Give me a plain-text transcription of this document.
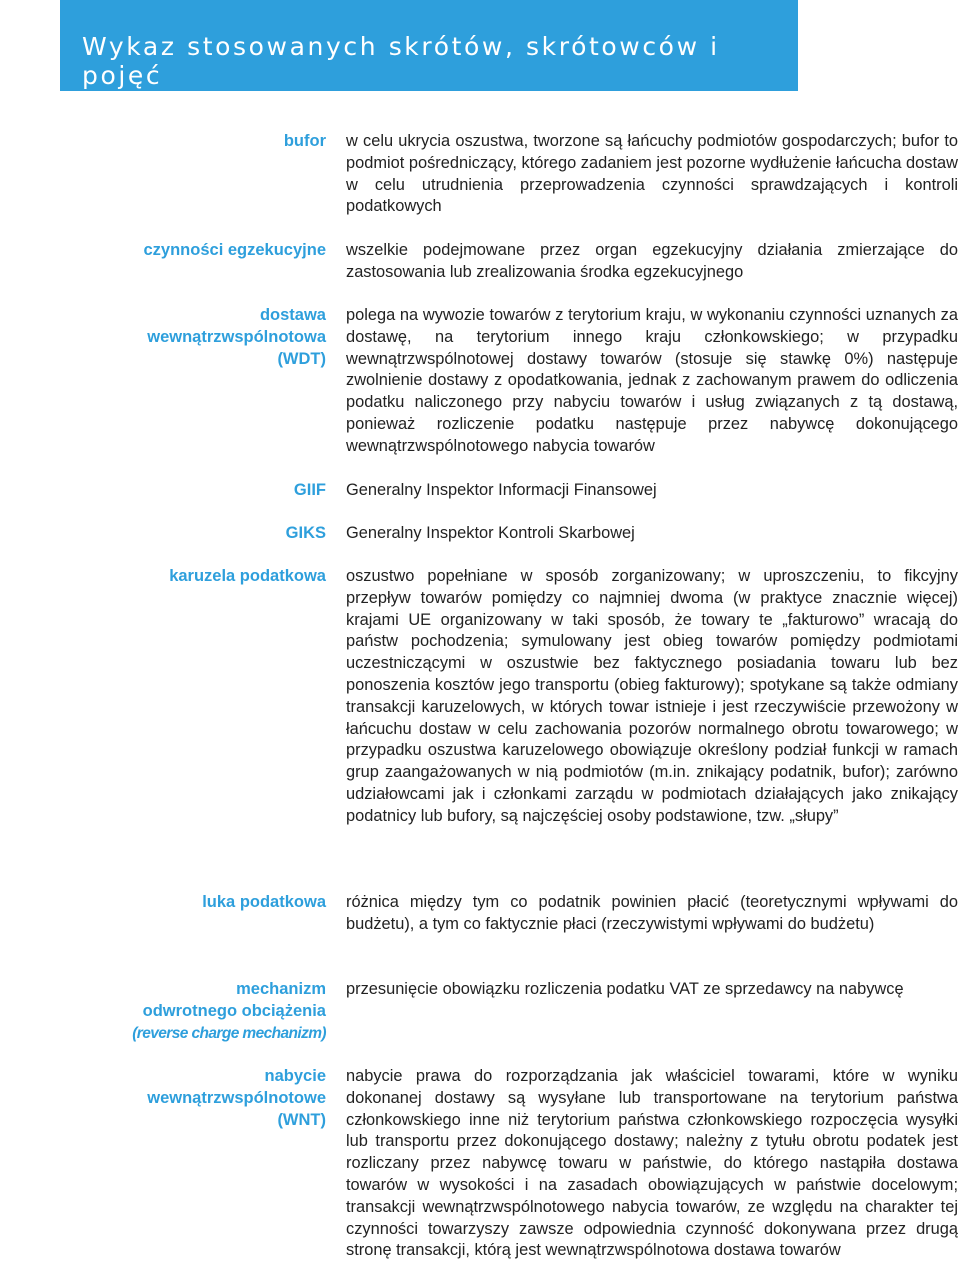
Wykaz stosowanych skrótów, skrótowców i pojęć
bufor w celu ukrycia oszustwa, tworzone są łańcuchy podmiotów gospodarczych; bufor to podmiot pośredniczący, którego zadaniem jest pozorne wydłużenie łańcucha dostaw w celu utrudnienia przeprowadzenia czynności sprawdzających i kontroli podatkowych

czynności egzekucyjne wszelkie podejmowane przez organ egzekucyjny działania zmierzające do zastosowania lub zrealizowania środka egzekucyjnego

dostawa
wewnątrzwspólnotowa
(WDT)

polega na wywozie towarów z terytorium kraju, w wykonaniu czynności uznanych za dostawę, na terytorium innego kraju członkowskiego; w przypadku wewnątrzwspólnotowej dostawy towarów (stosuje się stawkę 0%) następuje zwolnienie dostawy z opodatkowania, jednak z zachowanym prawem do odliczenia podatku naliczonego przy nabyciu towarów i usług związanych z tą dostawą, ponieważ rozliczenie podatku następuje przez nabywcę dokonującego wewnątrzwspólnotowego nabycia towarów

GIIF Generalny Inspektor Informacji Finansowej

GIKS Generalny Inspektor Kontroli Skarbowej

karuzela podatkowa oszustwo popełniane w sposób zorganizowany; w uproszczeniu, to fikcyjny przepływ towarów pomiędzy co najmniej dwoma (w praktyce znacznie więcej) krajami UE organizowany w taki sposób, że towary te „fakturowo” wracają do państw pochodzenia; symulowany jest obieg towarów pomiędzy podmiotami uczestniczącymi w oszustwie bez faktycznego posiadania towaru lub bez ponoszenia kosztów jego transportu (obieg fakturowy); spotykane są także odmiany transakcji karuzelowych, w których towar istnieje i jest rzeczywiście przewożony w łańcuchu dostaw w celu zachowania pozorów normalnego obrotu towarowego; w przypadku oszustwa karuzelowego obowiązuje określony podział funkcji w ramach grup zaangażowanych w nią podmiotów (m.in. znikający podatnik, bufor); zarówno udziałowcami jak i członkami zarządu w podmiotach działających jako znikający podatnicy lub bufory, są najczęściej osoby podstawione, tzw. „słupy”

luka podatkowa różnica między tym co podatnik powinien płacić (teoretycznymi wpływami do budżetu), a tym co faktycznie płaci (rzeczywistymi wpływami do budżetu)

mechanizm
odwrotnego obciążenia
(reverse charge mechanizm)

przesunięcie obowiązku rozliczenia podatku VAT ze sprzedawcy na nabywcę

nabycie
wewnątrzwspólnotowe
(WNT)

nabycie prawa do rozporządzania jak właściciel towarami, które w wyniku dokonanej dostawy są wysyłane lub transportowane na terytorium państwa członkowskiego inne niż terytorium państwa członkowskiego rozpoczęcia wysyłki lub transportu przez dokonującego dostawy; należny z tytułu obrotu podatek jest rozliczany przez nabywcę towaru w państwie, do którego nastąpiła dostawa towarów w wysokości i na zasadach obowiązujących w państwie docelowym; transakcji wewnątrzwspólnotowego nabycia towarów, ze względu na charakter tej czynności towarzyszy zawsze odpowiednia czynność dokonywana przez drugą stronę transakcji, którą jest wewnątrzwspólnotowa dostawa towarów
